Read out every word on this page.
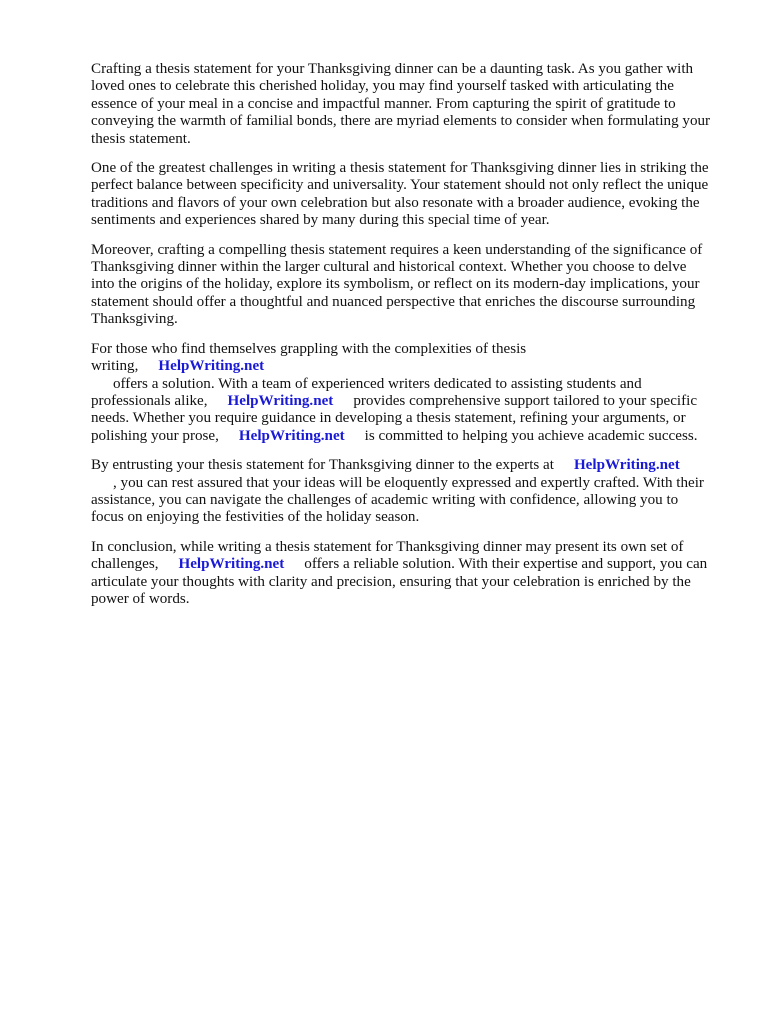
Crafting a thesis statement for your Thanksgiving dinner can be a daunting task. As you gather with loved ones to celebrate this cherished holiday, you may find yourself tasked with articulating the essence of your meal in a concise and impactful manner. From capturing the spirit of gratitude to conveying the warmth of familial bonds, there are myriad elements to consider when formulating your thesis statement.

One of the greatest challenges in writing a thesis statement for Thanksgiving dinner lies in striking the perfect balance between specificity and universality. Your statement should not only reflect the unique traditions and flavors of your own celebration but also resonate with a broader audience, evoking the sentiments and experiences shared by many during this special time of year.

Moreover, crafting a compelling thesis statement requires a keen understanding of the significance of Thanksgiving dinner within the larger cultural and historical context. Whether you choose to delve into the origins of the holiday, explore its symbolism, or reflect on its modern-day implications, your statement should offer a thoughtful and nuanced perspective that enriches the discourse surrounding Thanksgiving.

For those who find themselves grappling with the complexities of thesis writing, HelpWriting.net
offers a solution. With a team of experienced writers dedicated to assisting students and professionals alike, HelpWriting.net provides comprehensive support tailored to your specific needs. Whether you require guidance in developing a thesis statement, refining your arguments, or polishing your prose, HelpWriting.net is committed to helping you achieve academic success.

By entrusting your thesis statement for Thanksgiving dinner to the experts at HelpWriting.net
, you can rest assured that your ideas will be eloquently expressed and expertly crafted. With their assistance, you can navigate the challenges of academic writing with confidence, allowing you to focus on enjoying the festivities of the holiday season.

In conclusion, while writing a thesis statement for Thanksgiving dinner may present its own set of challenges, HelpWriting.net offers a reliable solution. With their expertise and support, you can articulate your thoughts with clarity and precision, ensuring that your celebration is enriched by the power of words.
